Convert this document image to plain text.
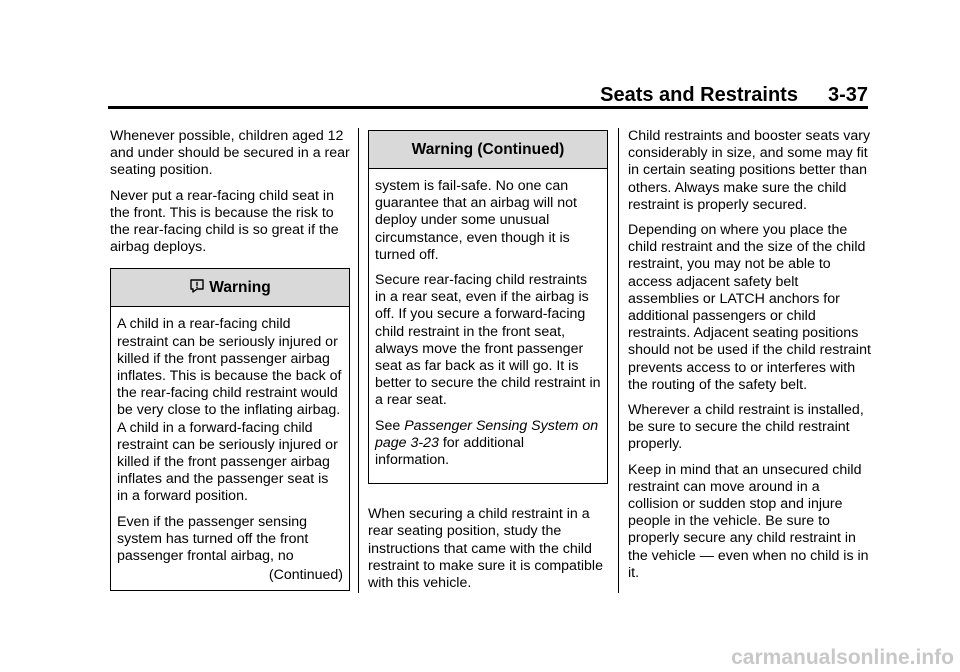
Seats and Restraints 3-37

Whenever possible, children aged 12 and under should be secured in a rear seating position.

Never put a rear-facing child seat in the front. This is because the risk to the rear-facing child is so great if the airbag deploys.

Warning

A child in a rear-facing child restraint can be seriously injured or killed if the front passenger airbag inflates. This is because the back of the rear-facing child restraint would be very close to the inflating airbag. A child in a forward-facing child restraint can be seriously injured or killed if the front passenger airbag inflates and the passenger seat is in a forward position.

Even if the passenger sensing system has turned off the front passenger frontal airbag, no

(Continued)

Warning (Continued)

system is fail-safe. No one can guarantee that an airbag will not deploy under some unusual circumstance, even though it is turned off.

Secure rear-facing child restraints in a rear seat, even if the airbag is off. If you secure a forward-facing child restraint in the front seat, always move the front passenger seat as far back as it will go. It is better to secure the child restraint in a rear seat.

See Passenger Sensing System on page 3-23 for additional information.

When securing a child restraint in a rear seating position, study the instructions that came with the child restraint to make sure it is compatible with this vehicle.

Child restraints and booster seats vary considerably in size, and some may fit in certain seating positions better than others. Always make sure the child restraint is properly secured.

Depending on where you place the child restraint and the size of the child restraint, you may not be able to access adjacent safety belt assemblies or LATCH anchors for additional passengers or child restraints. Adjacent seating positions should not be used if the child restraint prevents access to or interferes with the routing of the safety belt.

Wherever a child restraint is installed, be sure to secure the child restraint properly.

Keep in mind that an unsecured child restraint can move around in a collision or sudden stop and injure people in the vehicle. Be sure to properly secure any child restraint in the vehicle — even when no child is in it.

carmanualsonline.info
